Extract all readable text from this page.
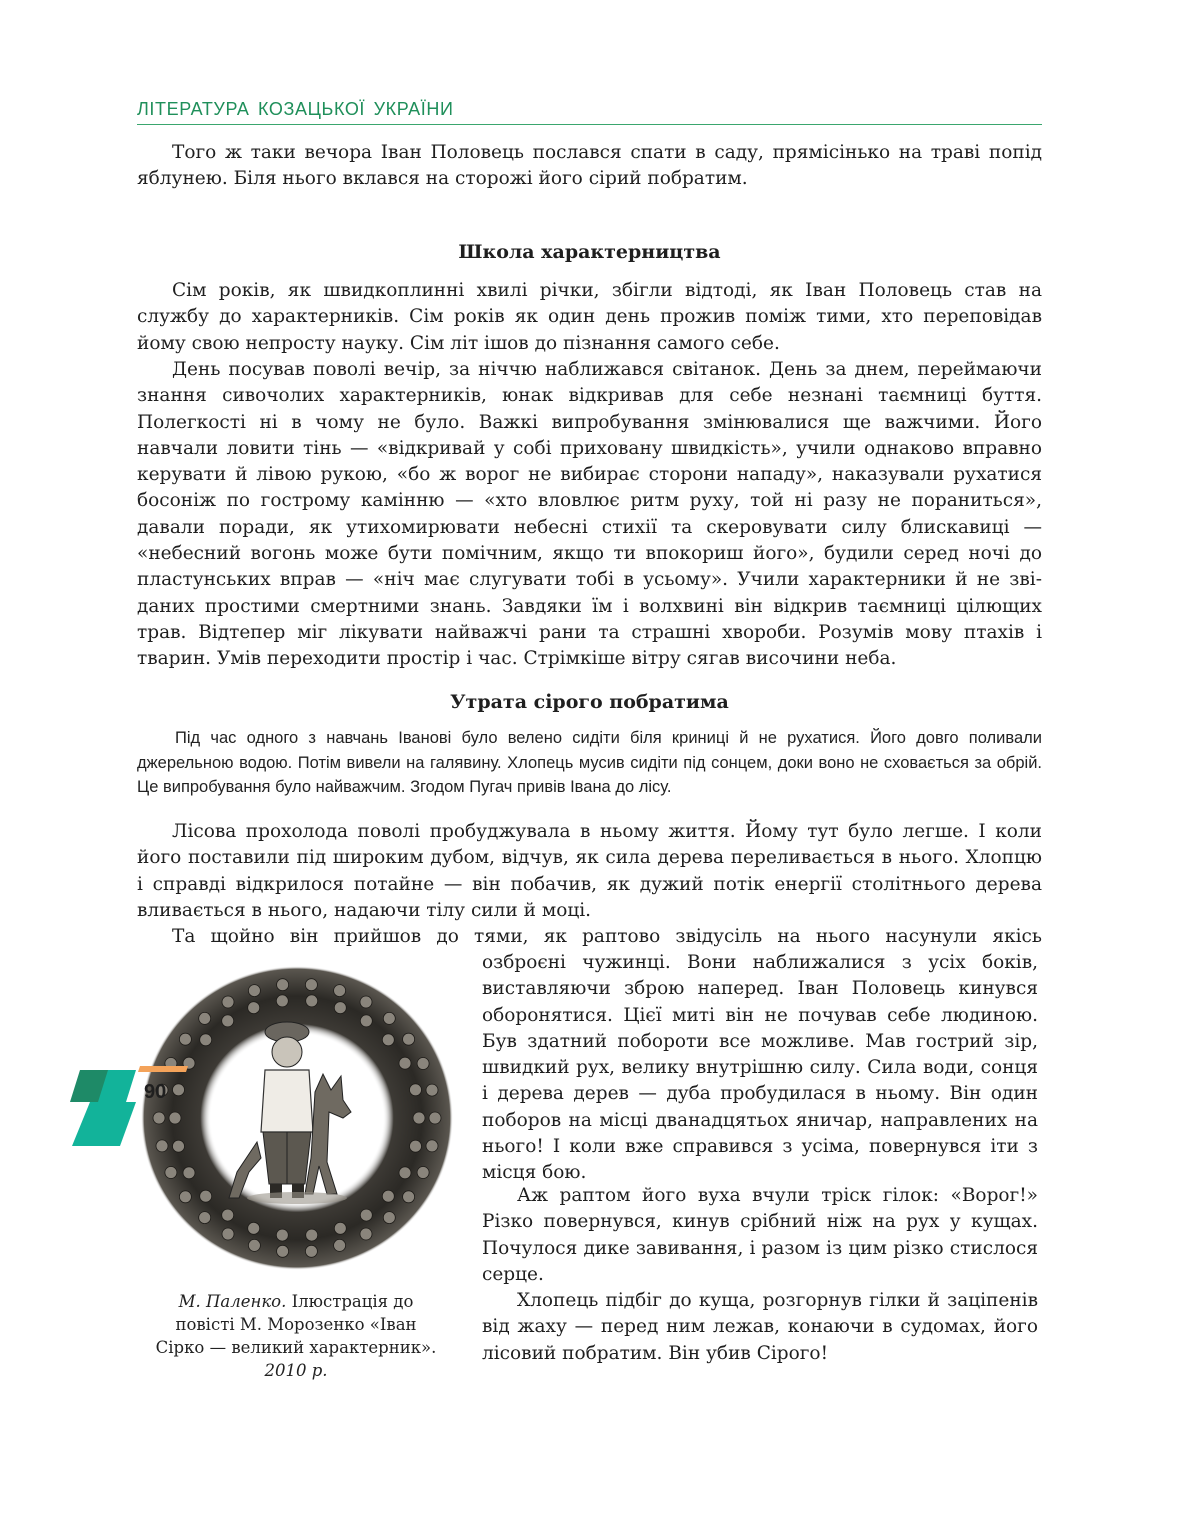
ЛІТЕРАТУРА КОЗАЦЬКОЇ УКРАЇНИ

Того ж таки вечора Іван Половець послався спати в саду, прямісінько на траві попід яблунею. Біля нього вклався на сторожі його сірий побратим.

Школа характерництва

Сім років, як швидкоплинні хвилі річки, збігли відтоді, як Іван Половець став на службу до характерників. Сім років як один день прожив поміж тими, хто переповідав йому свою непросту науку. Сім літ ішов до пізнання самого себе.

День посував поволі вечір, за ніччю наближався світанок. День за днем, переймаючи знання сивочолих характерників, юнак відкривав для себе незнані таємниці буття. Полегкості ні в чому не було. Важкі випробування змінювалися ще важчими. Його навчали ловити тінь — «відкривай у собі приховану швидкість», учили однаково вправно керувати й лівою рукою, «бо ж ворог не вибирає сторони нападу», наказували рухатися босоніж по гострому камінню — «хто вловлює ритм руху, той ні разу не пораниться», давали поради, як утихомирювати небесні стихії та скеровувати силу блискавиці — «небесний вогонь може бути помічним, якщо ти впокориш його», будили серед ночі до пластунських вправ — «ніч має слугувати тобі в усьому». Учили характерники й не звіданих простими смертними знань. Завдяки їм і волхвині він відкрив таємниці цілющих трав. Відтепер міг лікувати найважчі рани та страшні хвороби. Розумів мову птахів і тварин. Умів переходити простір і час. Стрімкіше вітру сягав височини неба.

Утрата сірого побратима

Під час одного з навчань Іванові було велено сидіти біля криниці й не рухатися. Його довго поливали джерельною водою. Потім вивели на галявину. Хлопець мусив сидіти під сонцем, доки воно не сховається за обрій. Це випробування було найважчим. Згодом Пугач привів Івана до лісу.

Лісова прохолода поволі пробуджувала в ньому життя. Йому тут було легше. І коли його поставили під широким дубом, відчув, як сила дерева переливається в нього. Хлопцю і справді відкрилося потайне — він побачив, як дужий потік енергії столітнього дерева вливається в нього, надаючи тілу сили й моці.

Та щойно він прийшов до тями, як раптово звідусіль на нього насунули якісь

озброєні чужинці. Вони наближалися з усіх боків, виставляючи зброю наперед. Іван Половець кинувся оборонятися. Цієї миті він не почував себе людиною. Був здатний побороти все можливе. Мав гострий зір, швидкий рух, велику внутрішню силу. Сила води, сонця і дерева дерев — дуба пробудилася в ньому. Він один поборов на місці дванадцятьох яничар, направлених на нього! І коли вже справився з усіма, повернувся іти з місця бою.

Аж раптом його вуха вчули тріск гілок: «Ворог!» Різко повернувся, кинув срібний ніж на рух у кущах. Почулося дике завивання, і разом із цим різко стислося серце.

Хлопець підбіг до куща, розгорнув гілки й заціпенів від жаху — перед ним лежав, конаючи в судомах, його лісовий побратим. Він убив Сірого!

М. Паленко. Ілюстрація до повісті М. Морозенко «Іван Сірко — великий характерник». 2010 р.
90
